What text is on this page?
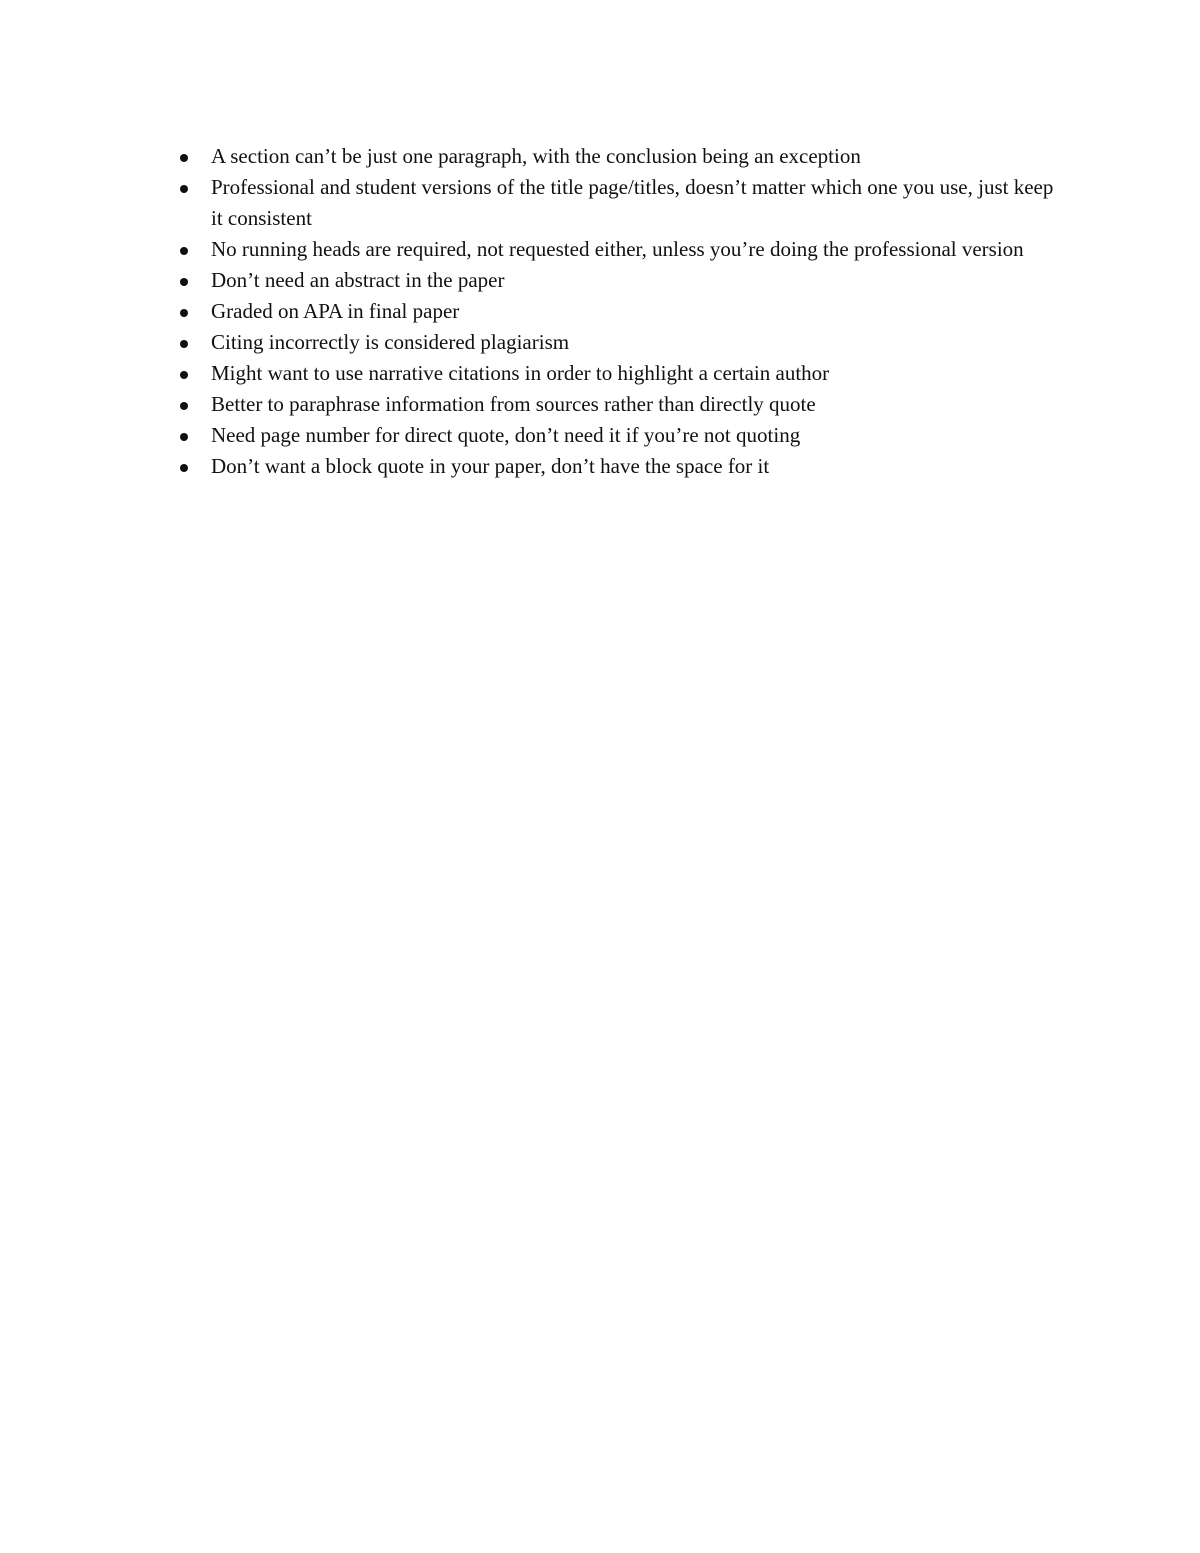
A section can’t be just one paragraph, with the conclusion being an exception
Professional and student versions of the title page/titles, doesn’t matter which one you use, just keep it consistent
No running heads are required, not requested either, unless you’re doing the professional version
Don’t need an abstract in the paper
Graded on APA in final paper
Citing incorrectly is considered plagiarism
Might want to use narrative citations in order to highlight a certain author
Better to paraphrase information from sources rather than directly quote
Need page number for direct quote, don’t need it if you’re not quoting
Don’t want a block quote in your paper, don’t have the space for it
